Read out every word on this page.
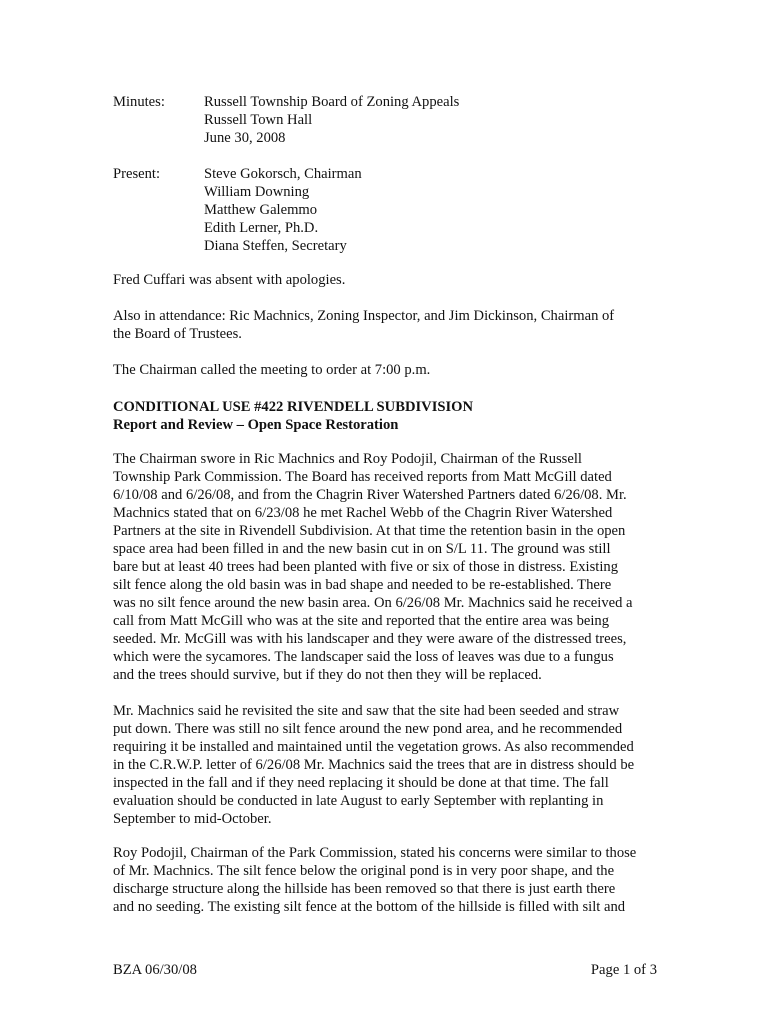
Minutes:	Russell Township Board of Zoning Appeals
Russell Town Hall
June 30, 2008
Present:	Steve Gokorsch, Chairman
William Downing
Matthew Galemmo
Edith Lerner, Ph.D.
Diana Steffen, Secretary
Fred Cuffari was absent with apologies.
Also in attendance: Ric Machnics, Zoning Inspector, and Jim Dickinson, Chairman of
the Board of Trustees.
The Chairman called the meeting to order at 7:00 p.m.
CONDITIONAL USE #422 RIVENDELL SUBDIVISION
Report and Review – Open Space Restoration
The Chairman swore in Ric Machnics and Roy Podojil, Chairman of the Russell
Township Park Commission. The Board has received reports from Matt McGill dated
6/10/08 and 6/26/08, and from the Chagrin River Watershed Partners dated 6/26/08. Mr.
Machnics stated that on 6/23/08 he met Rachel Webb of the Chagrin River Watershed
Partners at the site in Rivendell Subdivision. At that time the retention basin in the open
space area had been filled in and the new basin cut in on S/L 11. The ground was still
bare but at least 40 trees had been planted with five or six of those in distress. Existing
silt fence along the old basin was in bad shape and needed to be re-established. There
was no silt fence around the new basin area. On 6/26/08 Mr. Machnics said he received a
call from Matt McGill who was at the site and reported that the entire area was being
seeded. Mr. McGill was with his landscaper and they were aware of the distressed trees,
which were the sycamores. The landscaper said the loss of leaves was due to a fungus
and the trees should survive, but if they do not then they will be replaced.
Mr. Machnics said he revisited the site and saw that the site had been seeded and straw
put down. There was still no silt fence around the new pond area, and he recommended
requiring it be installed and maintained until the vegetation grows. As also recommended
in the C.R.W.P. letter of 6/26/08 Mr. Machnics said the trees that are in distress should be
inspected in the fall and if they need replacing it should be done at that time. The fall
evaluation should be conducted in late August to early September with replanting in
September to mid-October.
Roy Podojil, Chairman of the Park Commission, stated his concerns were similar to those
of Mr. Machnics. The silt fence below the original pond is in very poor shape, and the
discharge structure along the hillside has been removed so that there is just earth there
and no seeding. The existing silt fence at the bottom of the hillside is filled with silt and
BZA 06/30/08	Page 1 of 3
